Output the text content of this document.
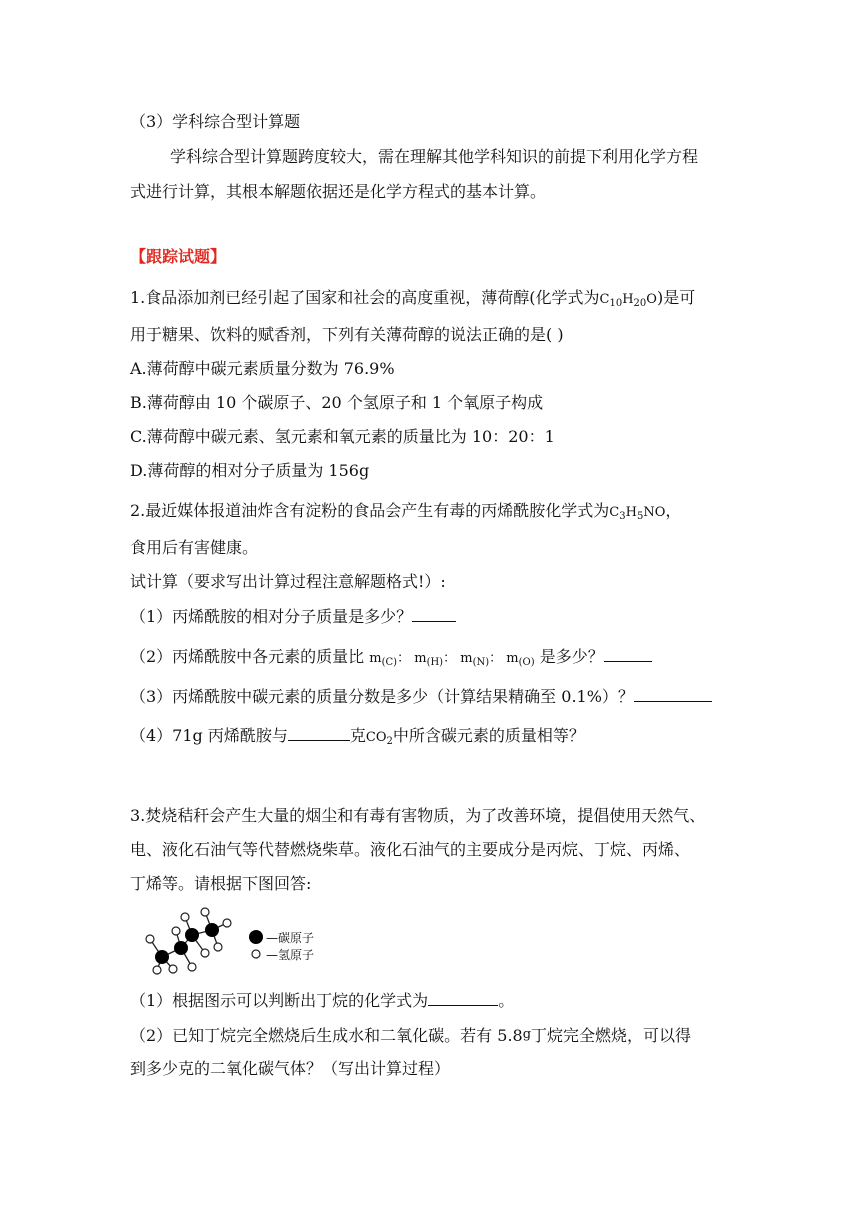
（3）学科综合型计算题
学科综合型计算题跨度较大，需在理解其他学科知识的前提下利用化学方程
式进行计算，其根本解题依据还是化学方程式的基本计算。
【跟踪试题】
1.食品添加剂已经引起了国家和社会的高度重视，薄荷醇(化学式为$C_{10}H_{20}O$)是可
用于糖果、饮料的赋香剂，下列有关薄荷醇的说法正确的是( )
A.薄荷醇中碳元素质量分数为 76.9%
B.薄荷醇由 10 个碳原子、20 个氢原子和 1 个氧原子构成
C.薄荷醇中碳元素、氢元素和氧元素的质量比为 10：20：1
D.薄荷醇的相对分子质量为 156g
2.最近媒体报道油炸含有淀粉的食品会产生有毒的丙烯酰胺化学式为$C_3H_5NO$，
食用后有害健康。
试计算（要求写出计算过程注意解题格式!）:
（1）丙烯酰胺的相对分子质量是多少？
（2）丙烯酰胺中各元素的质量比 $m_{(C)}$： $m_{(H)}$： $m_{(N)}$： $m_{(O)}$ 是多少？
（3）丙烯酰胺中碳元素的质量分数是多少（计算结果精确至 0.1%）？
（4）71g 丙烯酰胺与	克$CO_2$中所含碳元素的质量相等？
3.焚烧秸秆会产生大量的烟尘和有毒有害物质，为了改善环境，提倡使用天然气、
电、液化石油气等代替燃烧柴草。液化石油气的主要成分是丙烷、丁烷、丙烯、
丁烯等。请根据下图回答:
—碳原子
—氢原子
（1）根据图示可以判断出丁烷的化学式为	。
（2）已知丁烷完全燃烧后生成水和二氧化碳。若有 5.8g丁烷完全燃烧，可以得
到多少克的二氧化碳气体？（写出计算过程）
